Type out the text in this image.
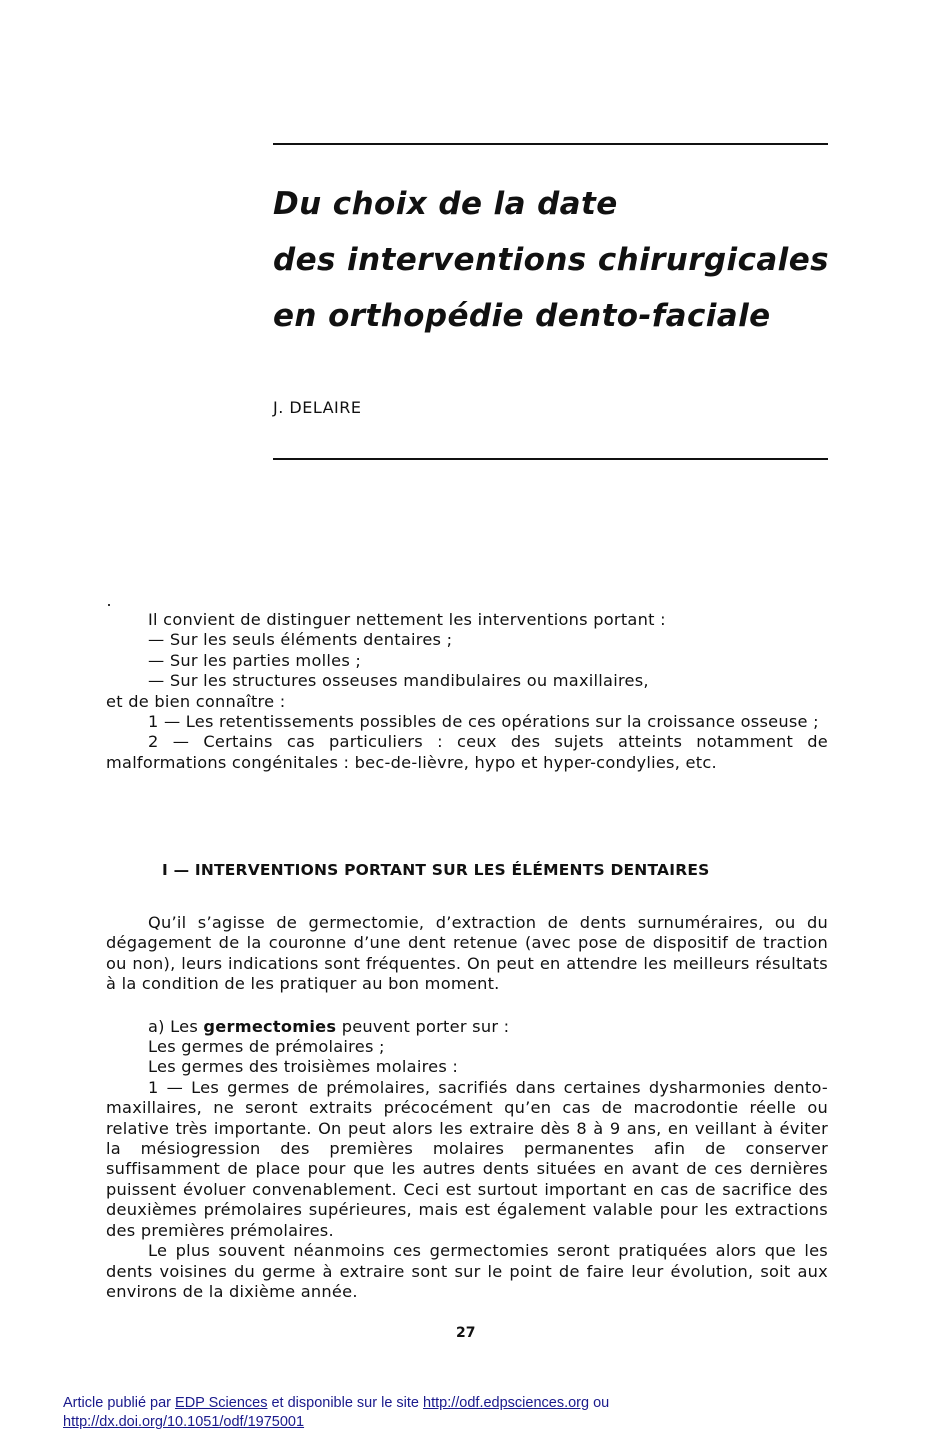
Du choix de la date
des interventions chirurgicales
en orthopédie dento-faciale
J. DELAIRE

Il convient de distinguer nettement les interventions portant :

— Sur les seuls éléments dentaires ;

— Sur les parties molles ;

— Sur les structures osseuses mandibulaires ou maxillaires,

et de bien connaître :

1 — Les retentissements possibles de ces opérations sur la croissance osseuse ;

2 — Certains cas particuliers : ceux des sujets atteints notamment de malformations congénitales : bec-de-lièvre, hypo et hyper-condylies, etc.

I — INTERVENTIONS PORTANT SUR LES ÉLÉMENTS DENTAIRES

Qu’il s’agisse de germectomie, d’extraction de dents surnuméraires, ou du dégagement de la couronne d’une dent retenue (avec pose de dispositif de traction ou non), leurs indications sont fréquentes. On peut en attendre les meilleurs résultats à la condition de les pratiquer au bon moment.

a) Les germectomies peuvent porter sur :

Les germes de prémolaires ;

Les germes des troisièmes molaires :

1 — Les germes de prémolaires, sacrifiés dans certaines dysharmonies dento-maxillaires, ne seront extraits précocément qu’en cas de macrodontie réelle ou relative très importante. On peut alors les extraire dès 8 à 9 ans, en veillant à éviter la mésiogression des premières molaires permanentes afin de conserver suffisamment de place pour que les autres dents situées en avant de ces dernières puissent évoluer convenablement. Ceci est surtout important en cas de sacrifice des deuxièmes prémolaires supérieures, mais est également valable pour les extractions des premières prémolaires.

Le plus souvent néanmoins ces germectomies seront pratiquées alors que les dents voisines du germe à extraire sont sur le point de faire leur évolution, soit aux environs de la dixième année.

27
Article publié par EDP Sciences et disponible sur le site http://odf.edpsciences.org ou
http://dx.doi.org/10.1051/odf/1975001
